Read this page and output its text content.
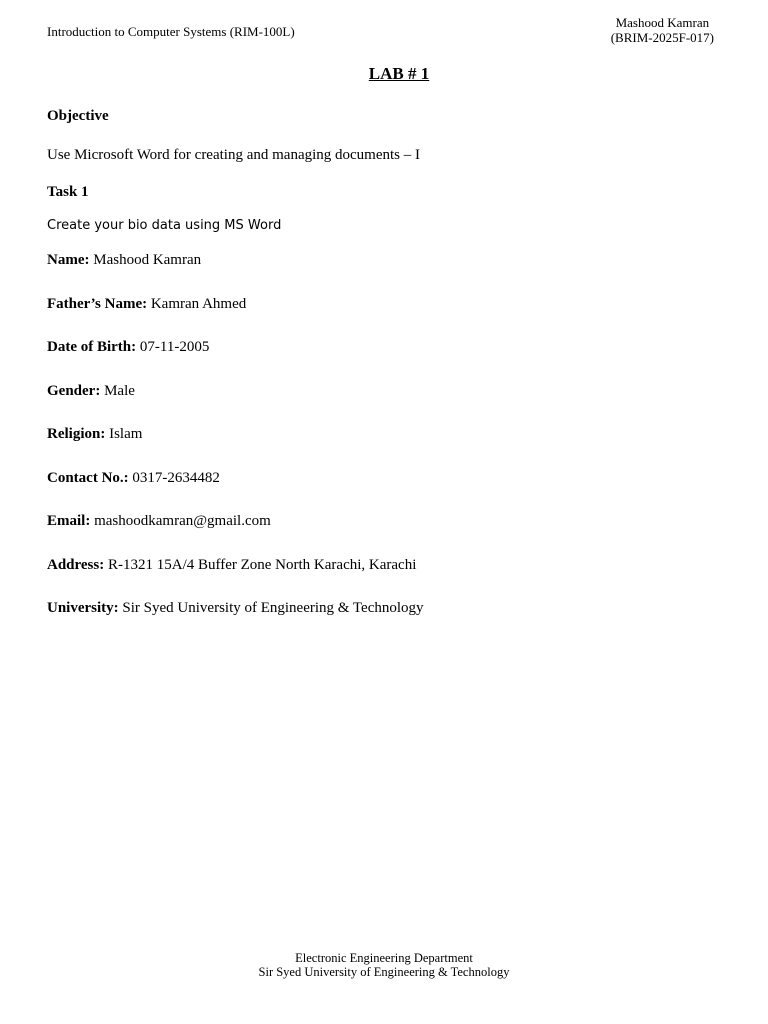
Introduction to Computer Systems (RIM-100L)
Mashood Kamran
(BRIM-2025F-017)
LAB # 1
Objective
Use Microsoft Word for creating and managing documents – I
Task 1
Create your bio data using MS Word
Name: Mashood Kamran
Father’s Name: Kamran Ahmed
Date of Birth: 07-11-2005
Gender: Male
Religion: Islam
Contact No.: 0317-2634482
Email: mashoodkamran@gmail.com
Address: R-1321 15A/4 Buffer Zone North Karachi, Karachi
University: Sir Syed University of Engineering & Technology
Electronic Engineering Department
Sir Syed University of Engineering & Technology
